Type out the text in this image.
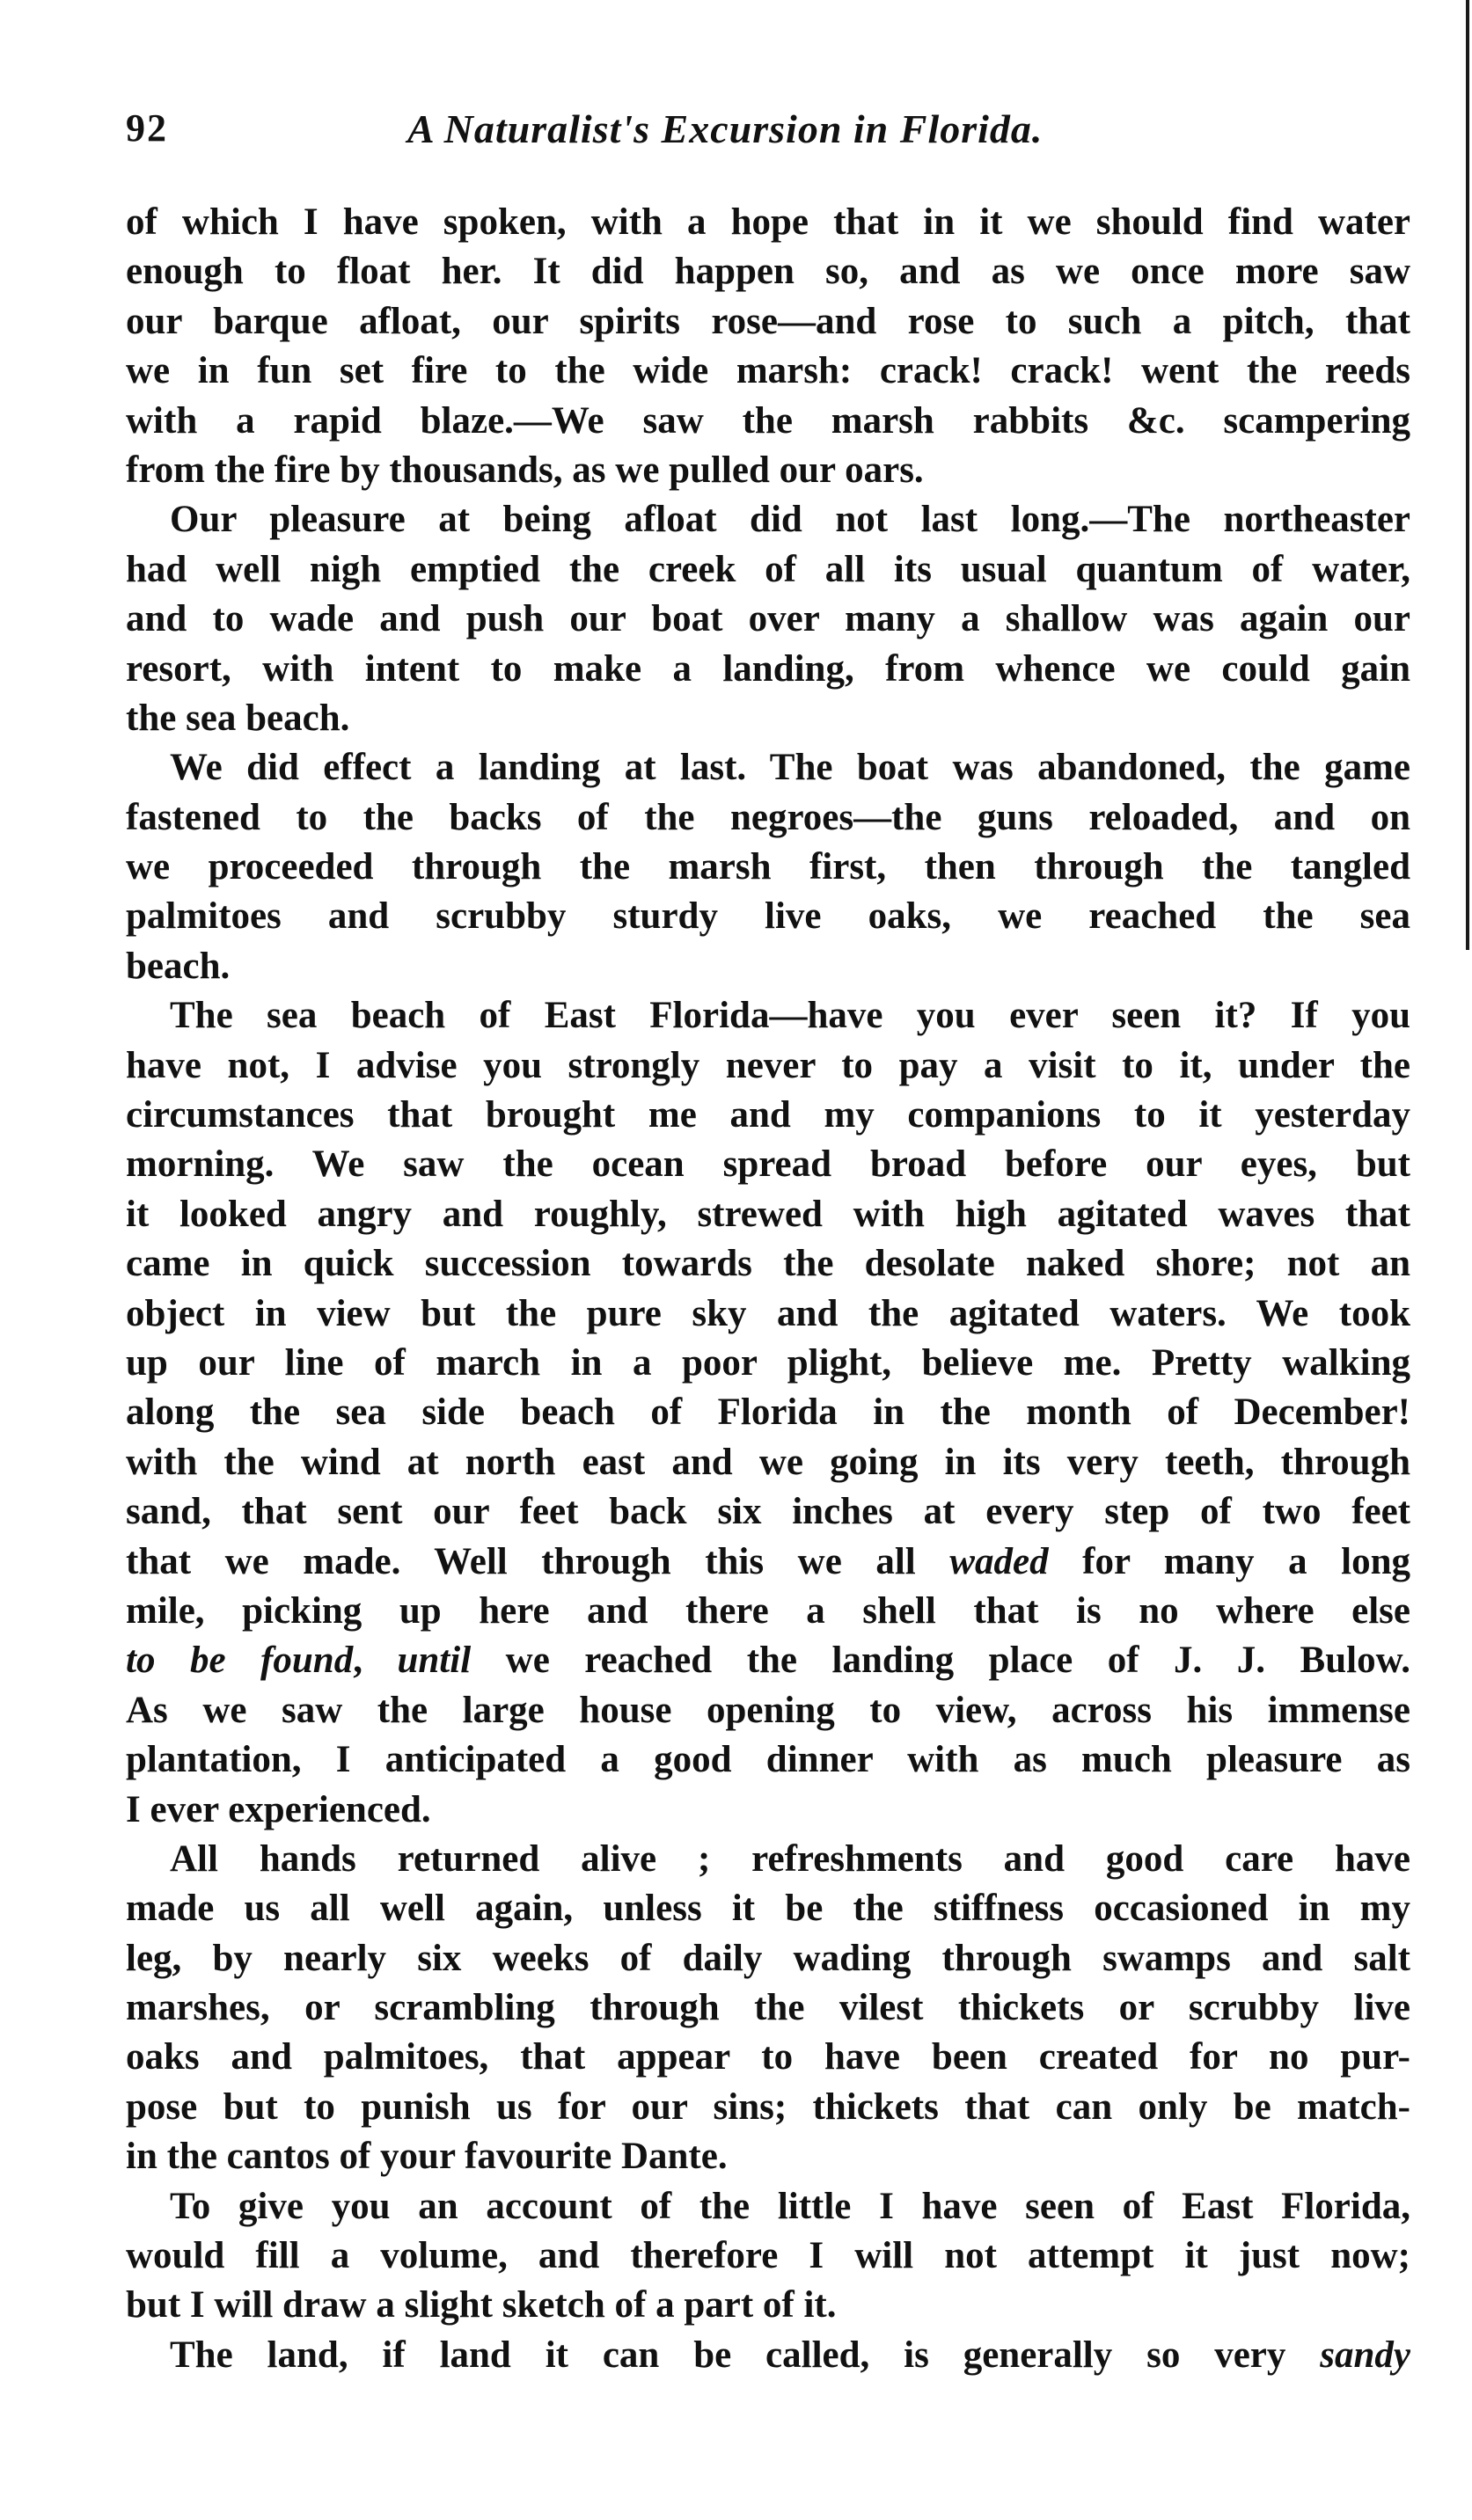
92	A Naturalist's Excursion in Florida.
of which I have spoken, with a hope that in it we should find water
enough to float her. It did happen so, and as we once more saw
our barque afloat, our spirits rose—and rose to such a pitch, that
we in fun set fire to the wide marsh: crack! crack! went the reeds
with a rapid blaze.—We saw the marsh rabbits &c. scampering
from the fire by thousands, as we pulled our oars.
Our pleasure at being afloat did not last long.—The northeaster
had well nigh emptied the creek of all its usual quantum of water,
and to wade and push our boat over many a shallow was again our
resort, with intent to make a landing, from whence we could gain
the sea beach.
We did effect a landing at last. The boat was abandoned, the game
fastened to the backs of the negroes—the guns reloaded, and on
we proceeded through the marsh first, then through the tangled
palmitoes and scrubby sturdy live oaks, we reached the sea
beach.
The sea beach of East Florida—have you ever seen it? If you
have not, I advise you strongly never to pay a visit to it, under the
circumstances that brought me and my companions to it yesterday
morning. We saw the ocean spread broad before our eyes, but
it looked angry and roughly, strewed with high agitated waves that
came in quick succession towards the desolate naked shore; not an
object in view but the pure sky and the agitated waters. We took
up our line of march in a poor plight, believe me. Pretty walking
along the sea side beach of Florida in the month of December!
with the wind at north east and we going in its very teeth, through
sand, that sent our feet back six inches at every step of two feet
that we made. Well through this we all waded for many a long
mile, picking up here and there a shell that is no where else
to be found, until we reached the landing place of J. J. Bulow.
As we saw the large house opening to view, across his immense
plantation, I anticipated a good dinner with as much pleasure as
I ever experienced.
All hands returned alive ; refreshments and good care have
made us all well again, unless it be the stiffness occasioned in my
leg, by nearly six weeks of daily wading through swamps and salt
marshes, or scrambling through the vilest thickets or scrubby live
oaks and palmitoes, that appear to have been created for no pur-
pose but to punish us for our sins; thickets that can only be match-
in the cantos of your favourite Dante.
To give you an account of the little I have seen of East Florida,
would fill a volume, and therefore I will not attempt it just now;
but I will draw a slight sketch of a part of it.
The land, if land it can be called, is generally so very sandy
